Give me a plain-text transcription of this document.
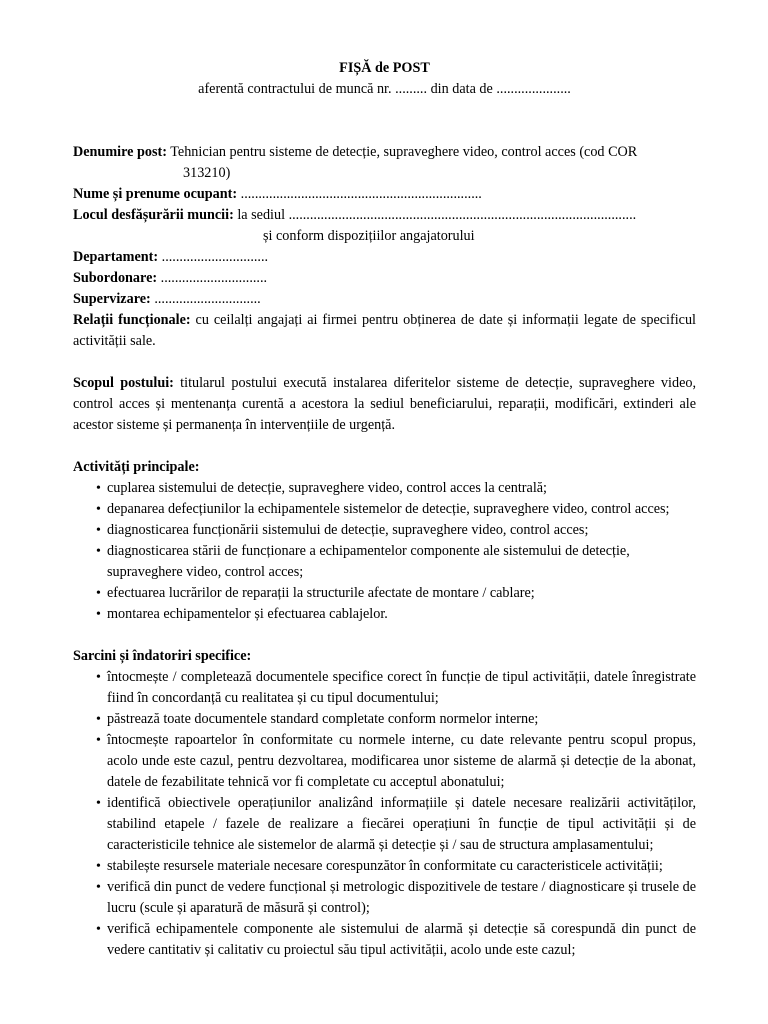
FIȘĂ de POST
aferentă contractului de muncă nr. ......... din data de .....................
Denumire post: Tehnician pentru sisteme de detecție, supraveghere video, control acces (cod COR
313210)
Nume și prenume ocupant: ....................................................................
Locul desfășurării muncii: la sediul ..................................................................................................
și conform dispozițiilor angajatorului
Departament: ..............................
Subordonare: ..............................
Supervizare: ..............................
Relații funcționale: cu ceilalți angajați ai firmei pentru obținerea de date și informații legate de specificul activității sale.
Scopul postului: titularul postului execută instalarea diferitelor sisteme de detecție, supraveghere video, control acces și mentenanța curentă a acestora la sediul beneficiarului, reparații, modificări, extinderi ale acestor sisteme și permanența în intervențiile de urgență.
Activități principale:
• cuplarea sistemului de detecție, supraveghere video, control acces la centrală;
• depanarea defecțiunilor la echipamentele sistemelor de detecție, supraveghere video, control acces;
• diagnosticarea funcționării sistemului de detecție, supraveghere video, control acces;
• diagnosticarea stării de funcționare a echipamentelor componente ale sistemului de detecție, supraveghere video, control acces;
• efectuarea lucrărilor de reparații la structurile afectate de montare / cablare;
• montarea echipamentelor și efectuarea cablajelor.
Sarcini și îndatoriri specifice:
• întocmește / completează documentele specifice corect în funcție de tipul activității, datele înregistrate fiind în concordanță cu realitatea și cu tipul documentului;
• păstrează toate documentele standard completate conform normelor interne;
• întocmește rapoartelor în conformitate cu normele interne, cu date relevante pentru scopul propus, acolo unde este cazul, pentru dezvoltarea, modificarea unor sisteme de alarmă și detecție de la abonat, datele de fezabilitate tehnică vor fi completate cu acceptul abonatului;
• identifică obiectivele operațiunilor analizând informațiile și datele necesare realizării activităților, stabilind etapele / fazele de realizare a fiecărei operațiuni în funcție de tipul activității și de caracteristicile tehnice ale sistemelor de alarmă și detecție și / sau de structura amplasamentului;
• stabilește resursele materiale necesare corespunzător în conformitate cu caracteristicele activității;
• verifică din punct de vedere funcțional și metrologic dispozitivele de testare / diagnosticare și trusele de lucru (scule și aparatură de măsură și control);
• verifică echipamentele componente ale sistemului de alarmă și detecție să corespundă din punct de vedere cantitativ și calitativ cu proiectul său tipul activității, acolo unde este cazul;
